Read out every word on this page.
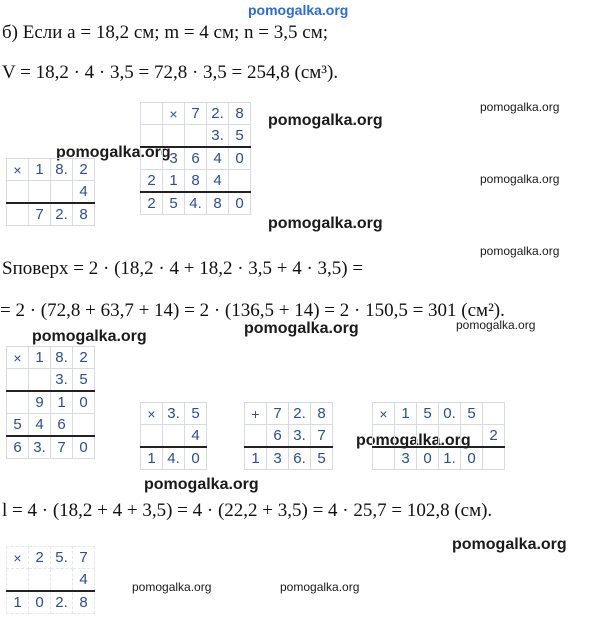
pomogalka.org
б) Если a = 18,2 см; m = 4 см; n = 3,5 см;
V = 18,2 · 4 · 3,5 = 72,8 · 3,5 = 254,8 (см³).
Sповерх = 2 · (18,2 · 4 + 18,2 · 3,5 + 4 · 3,5) =
= 2 · (72,8 + 63,7 + 14) = 2 · (136,5 + 14) = 2 · 150,5 = 301 (см²).
l = 4 · (18,2 + 4 + 3,5) = 4 · (22,2 + 3,5) = 4 · 25,7 = 102,8 (см).
pomogalka.org
pomogalka.org
pomogalka.org
pomogalka.org
pomogalka.org
pomogalka.org
pomogalka.org	pomogalka.org
pomogalka.org
pomogalka.org
pomogalka.org
pomogalka.org
pomogalka.org	pomogalka.org
×	1	8.	2
			4
	7	2.	8
	×	7	2.	8
			3.	5
	3	6	4	0
2	1	8	4	
2	5	4.	8	0
×	1	8.	2
		3.	5
	9	1	0
5	4	6	
6	3.	7	0
×	3.	5
		4
1	4.	0
+	7	2.	8
	6	3.	7
1	3	6.	5
×	1	5	0.	5	
					2
	3	0	1.	0	
×	2	5.	7
			4
1	0	2.	8
